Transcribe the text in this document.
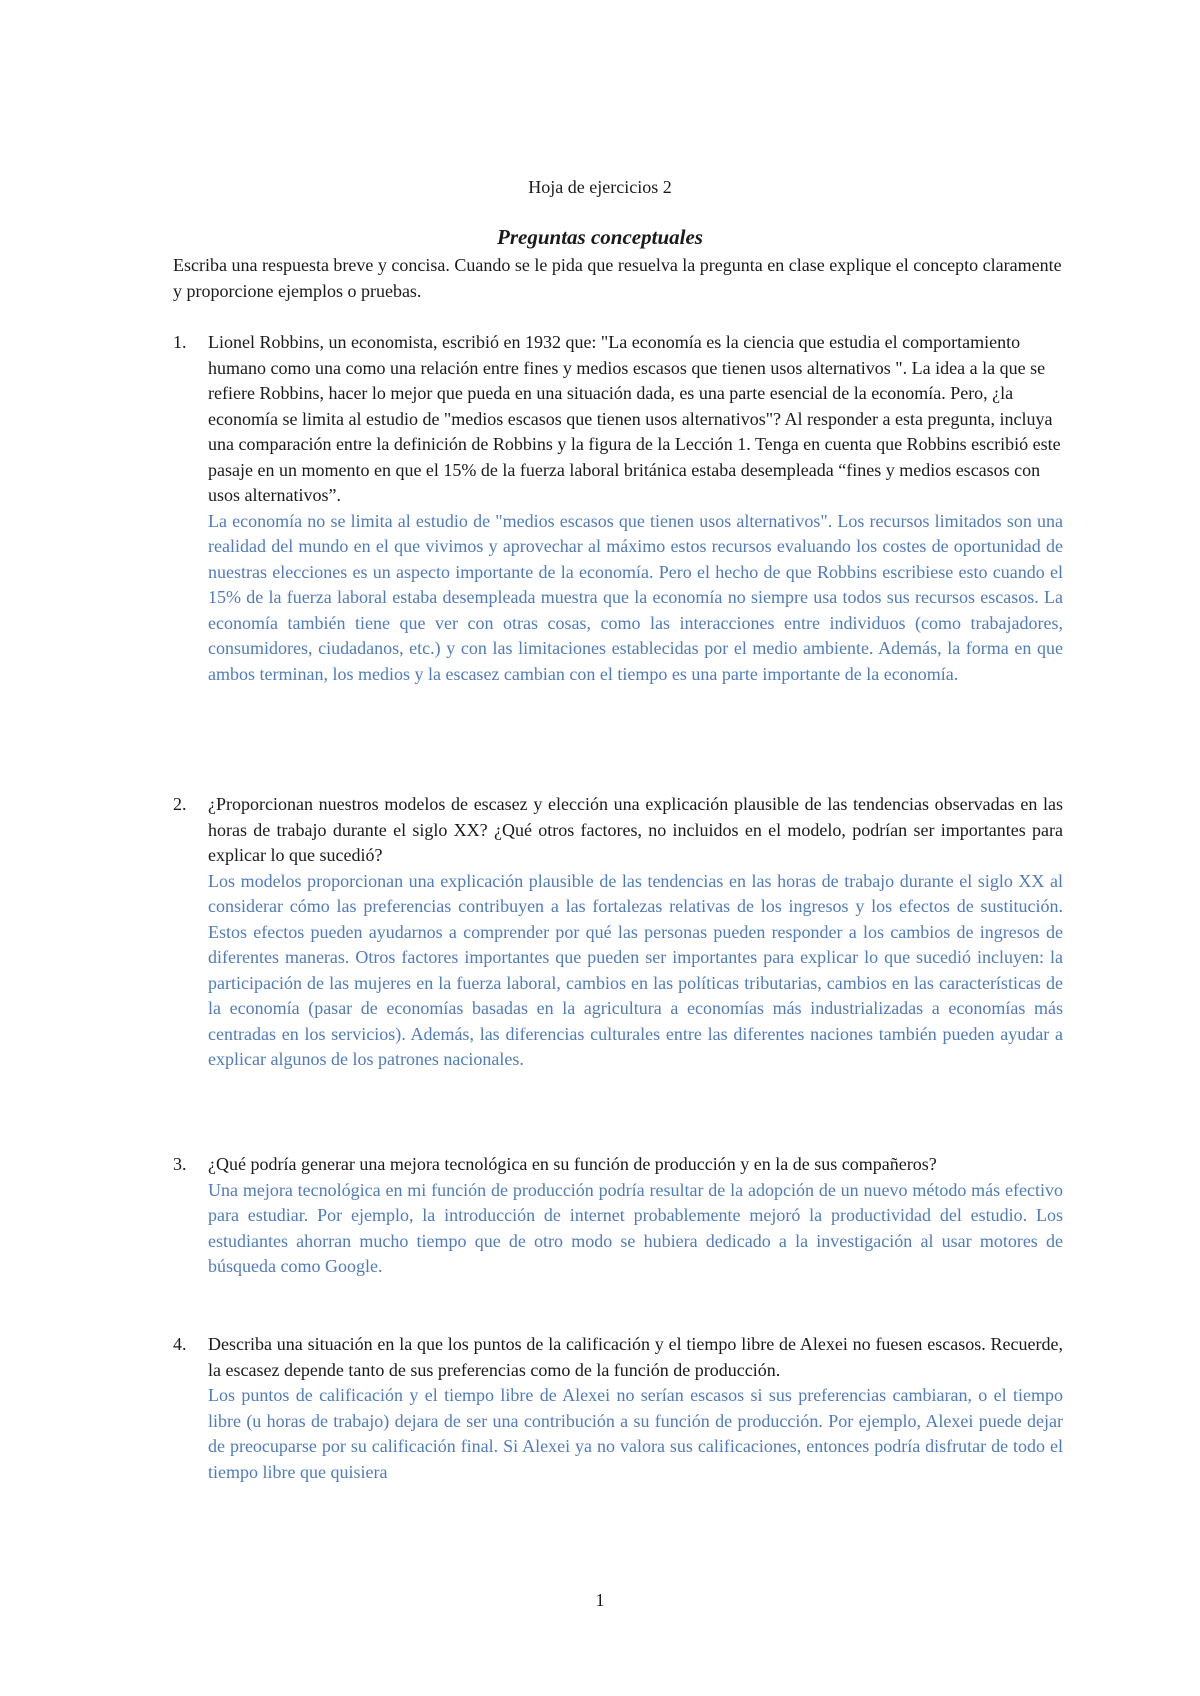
Hoja de ejercicios 2
Preguntas conceptuales
Escriba una respuesta breve y concisa. Cuando se le pida que resuelva la pregunta en clase explique el concepto claramente y proporcione ejemplos o pruebas.
1.	Lionel Robbins, un economista, escribió en 1932 que: "La economía es la ciencia que estudia el comportamiento humano como una como una relación entre fines y medios escasos que tienen usos alternativos ". La idea a la que se refiere Robbins, hacer lo mejor que pueda en una situación dada, es una parte esencial de la economía. Pero, ¿la economía se limita al estudio de "medios escasos que tienen usos alternativos"? Al responder a esta pregunta, incluya una comparación entre la definición de Robbins y la figura de la Lección 1. Tenga en cuenta que Robbins escribió este pasaje en un momento en que el 15% de la fuerza laboral británica estaba desempleada “fines y medios escasos con usos alternativos”.
La economía no se limita al estudio de "medios escasos que tienen usos alternativos". Los recursos limitados son una realidad del mundo en el que vivimos y aprovechar al máximo estos recursos evaluando los costes de oportunidad de nuestras elecciones es un aspecto importante de la economía. Pero el hecho de que Robbins escribiese esto cuando el 15% de la fuerza laboral estaba desempleada muestra que la economía no siempre usa todos sus recursos escasos. La economía también tiene que ver con otras cosas, como las interacciones entre individuos (como trabajadores, consumidores, ciudadanos, etc.) y con las limitaciones establecidas por el medio ambiente. Además, la forma en que ambos terminan, los medios y la escasez cambian con el tiempo es una parte importante de la economía.
2.	¿Proporcionan nuestros modelos de escasez y elección una explicación plausible de las tendencias observadas en las horas de trabajo durante el siglo XX? ¿Qué otros factores, no incluidos en el modelo, podrían ser importantes para explicar lo que sucedió?
Los modelos proporcionan una explicación plausible de las tendencias en las horas de trabajo durante el siglo XX al considerar cómo las preferencias contribuyen a las fortalezas relativas de los ingresos y los efectos de sustitución. Estos efectos pueden ayudarnos a comprender por qué las personas pueden responder a los cambios de ingresos de diferentes maneras. Otros factores importantes que pueden ser importantes para explicar lo que sucedió incluyen: la participación de las mujeres en la fuerza laboral, cambios en las políticas tributarias, cambios en las características de la economía (pasar de economías basadas en la agricultura a economías más industrializadas a economías más centradas en los servicios). Además, las diferencias culturales entre las diferentes naciones también pueden ayudar a explicar algunos de los patrones nacionales.
3.	¿Qué podría generar una mejora tecnológica en su función de producción y en la de sus compañeros?
Una mejora tecnológica en mi función de producción podría resultar de la adopción de un nuevo método más efectivo para estudiar. Por ejemplo, la introducción de internet probablemente mejoró la productividad del estudio. Los estudiantes ahorran mucho tiempo que de otro modo se hubiera dedicado a la investigación al usar motores de búsqueda como Google.
4.	Describa una situación en la que los puntos de la calificación y el tiempo libre de Alexei no fuesen escasos. Recuerde, la escasez depende tanto de sus preferencias como de la función de producción.
Los puntos de calificación y el tiempo libre de Alexei no serían escasos si sus preferencias cambiaran, o el tiempo libre (u horas de trabajo) dejara de ser una contribución a su función de producción. Por ejemplo, Alexei puede dejar de preocuparse por su calificación final. Si Alexei ya no valora sus calificaciones, entonces podría disfrutar de todo el tiempo libre que quisiera
1
